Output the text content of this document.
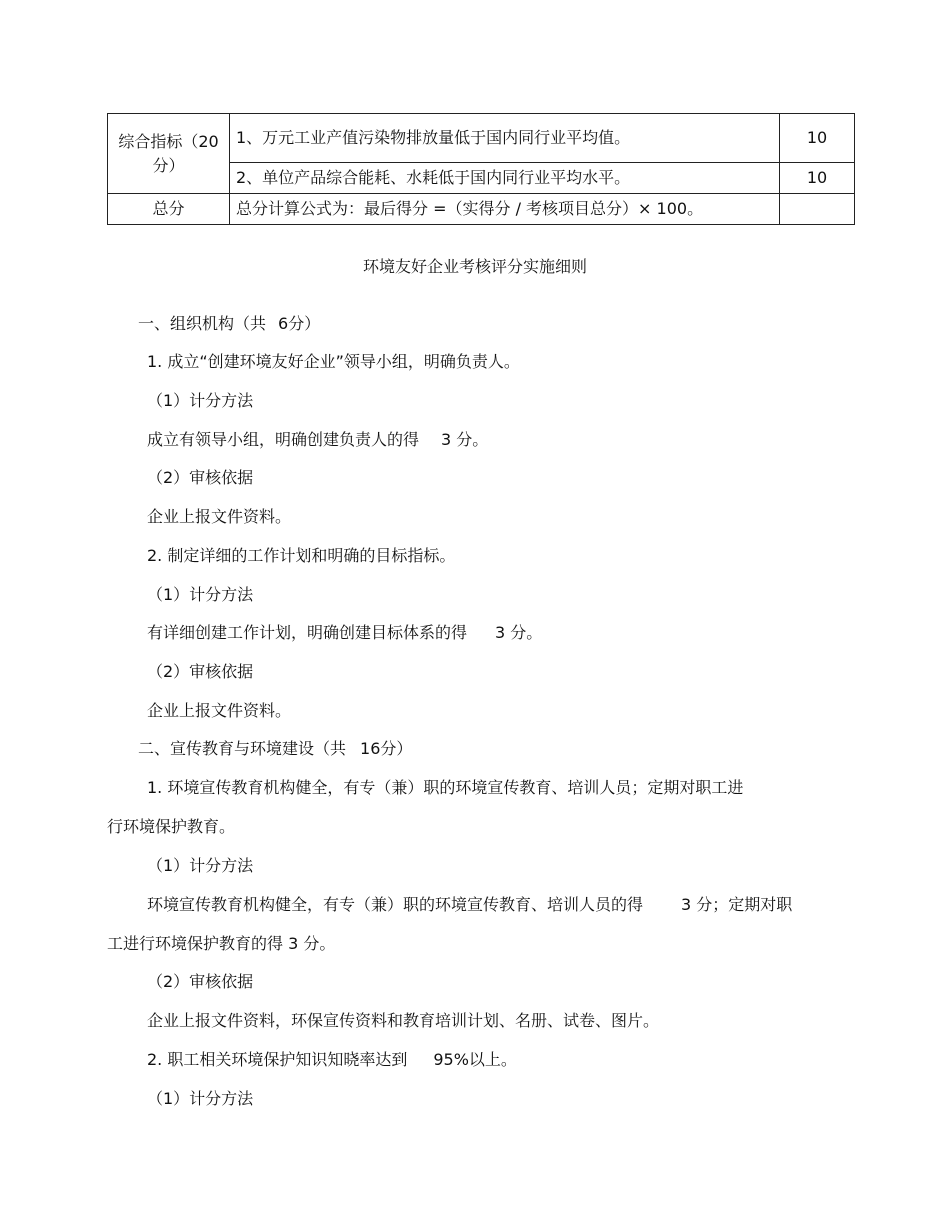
综合指标（20分）	1、万元工业产值污染物排放量低于国内同行业平均值。	10
	2、单位产品综合能耗、水耗低于国内同行业平均水平。	10
总分	总分计算公式为：最后得分 =（实得分 / 考核项目总分）× 100。	
环境友好企业考核评分实施细则
一、组织机构（共 6分）
1. 成立“创建环境友好企业”领导小组，明确负责人。
（1）计分方法
成立有领导小组，明确创建负责人的得 3 分。
（2）审核依据
企业上报文件资料。
2. 制定详细的工作计划和明确的目标指标。
（1）计分方法
有详细创建工作计划，明确创建目标体系的得 3 分。
（2）审核依据
企业上报文件资料。
二、宣传教育与环境建设（共 16分）
1. 环境宣传教育机构健全，有专（兼）职的环境宣传教育、培训人员；定期对职工进
行环境保护教育。
（1）计分方法
环境宣传教育机构健全，有专（兼）职的环境宣传教育、培训人员的得 3 分；定期对职
工进行环境保护教育的得 3 分。
（2）审核依据
企业上报文件资料，环保宣传资料和教育培训计划、名册、试卷、图片。
2. 职工相关环境保护知识知晓率达到 95%以上。
（1）计分方法
